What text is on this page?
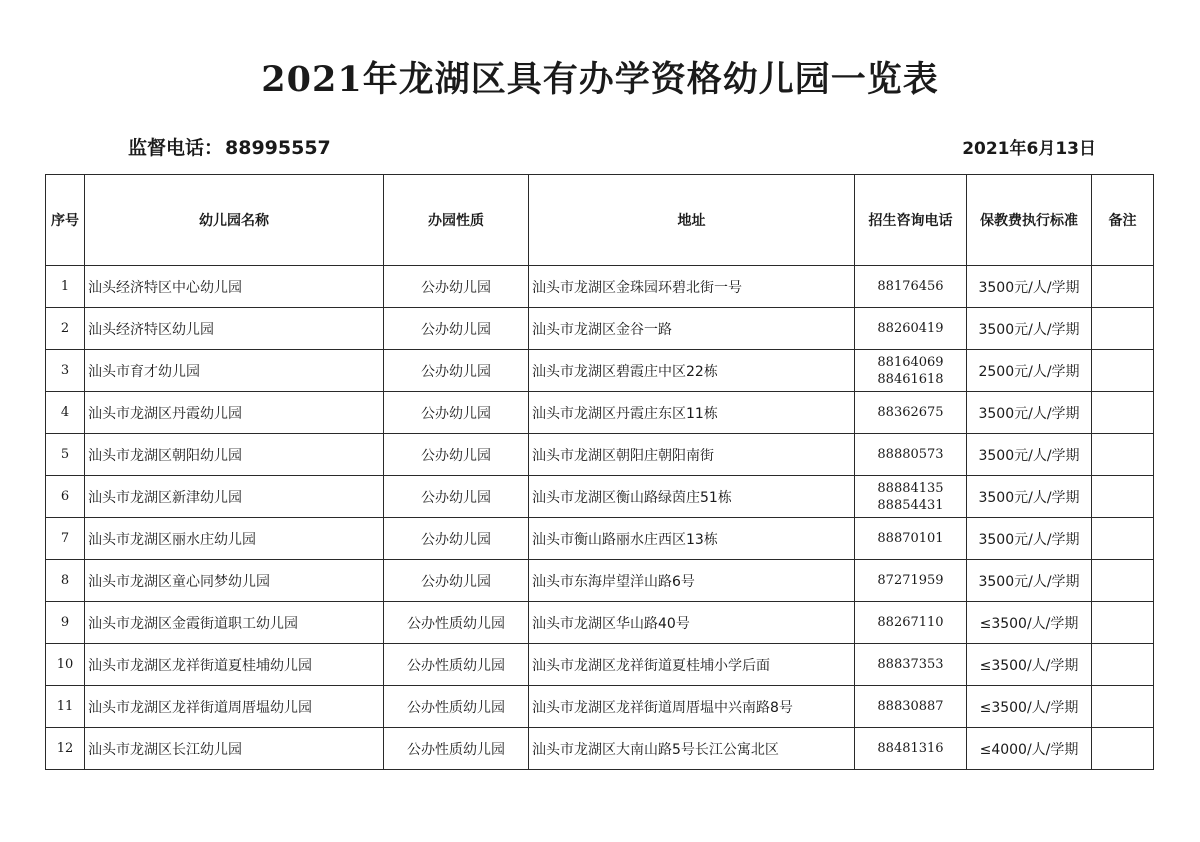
2021年龙湖区具有办学资格幼儿园一览表
监督电话： 88995557	2021年6月13日
序号	幼儿园名称	办园性质	地址	招生咨询电话	保教费执行标准	备注
1	汕头经济特区中心幼儿园	公办幼儿园	汕头市龙湖区金珠园环碧北街一号	88176456	3500元/人/学期	
2	汕头经济特区幼儿园	公办幼儿园	汕头市龙湖区金谷一路	88260419	3500元/人/学期	
3	汕头市育才幼儿园	公办幼儿园	汕头市龙湖区碧霞庄中区22栋	88164069
88461618	2500元/人/学期	
4	汕头市龙湖区丹霞幼儿园	公办幼儿园	汕头市龙湖区丹霞庄东区11栋	88362675	3500元/人/学期	
5	汕头市龙湖区朝阳幼儿园	公办幼儿园	汕头市龙湖区朝阳庄朝阳南街	88880573	3500元/人/学期	
6	汕头市龙湖区新津幼儿园	公办幼儿园	汕头市龙湖区衡山路绿茵庄51栋	88884135
88854431	3500元/人/学期	
7	汕头市龙湖区丽水庄幼儿园	公办幼儿园	汕头市衡山路丽水庄西区13栋	88870101	3500元/人/学期	
8	汕头市龙湖区童心同梦幼儿园	公办幼儿园	汕头市东海岸望洋山路6号	87271959	3500元/人/学期	
9	汕头市龙湖区金霞街道职工幼儿园	公办性质幼儿园	汕头市龙湖区华山路40号	88267110	≤3500/人/学期	
10	汕头市龙湖区龙祥街道夏桂埔幼儿园	公办性质幼儿园	汕头市龙湖区龙祥街道夏桂埔小学后面	88837353	≤3500/人/学期	
11	汕头市龙湖区龙祥街道周厝塭幼儿园	公办性质幼儿园	汕头市龙湖区龙祥街道周厝塭中兴南路8号	88830887	≤3500/人/学期	
12	汕头市龙湖区长江幼儿园	公办性质幼儿园	汕头市龙湖区大南山路5号长江公寓北区	88481316	≤4000/人/学期	
